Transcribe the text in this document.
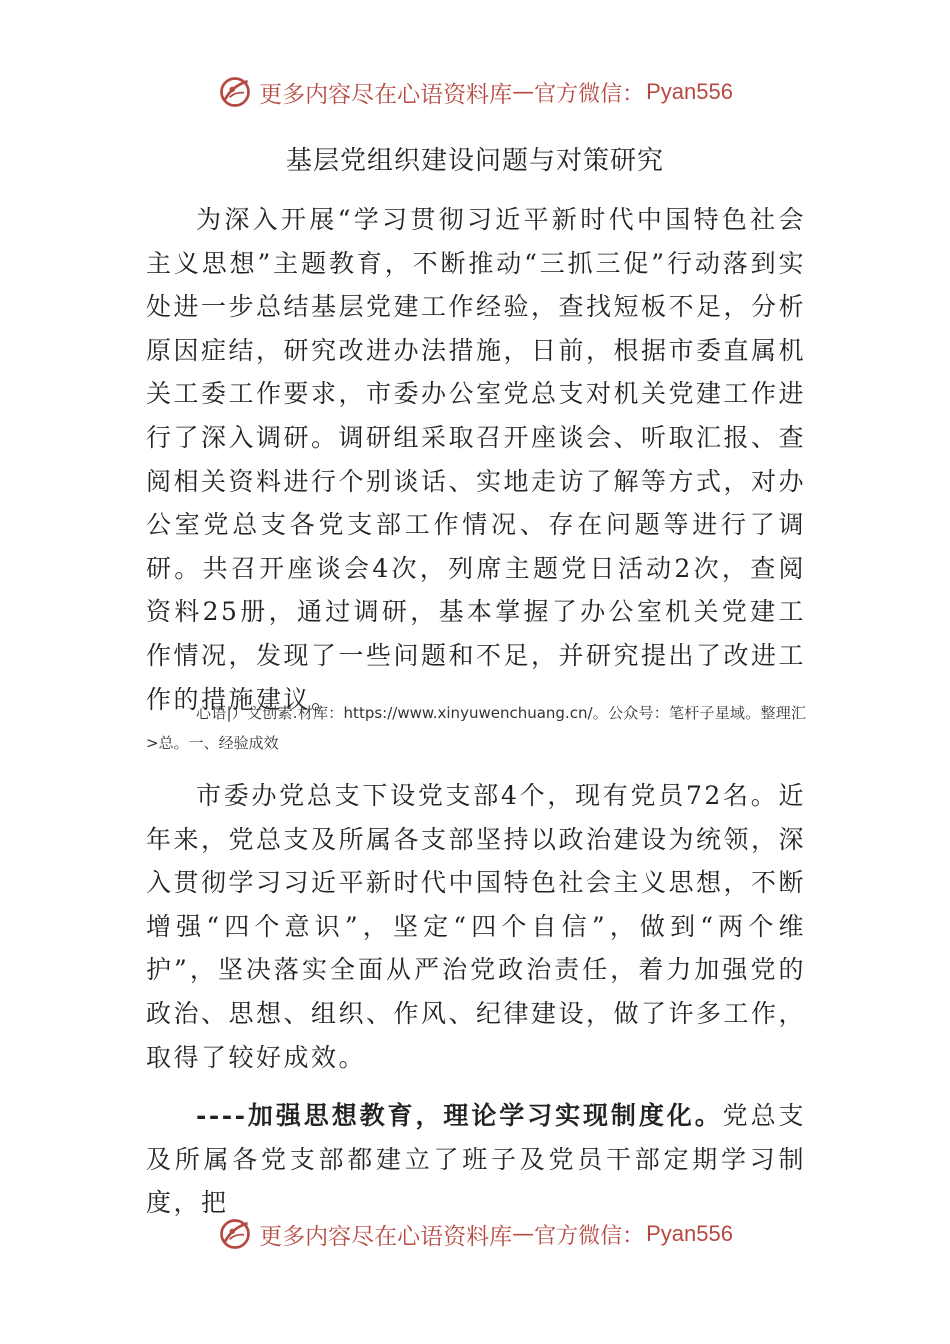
更多内容尽在心语资料库 — 官方微信： Pyan556
基层党组织建设问题与对策研究
为深入开展“学习贯彻习近平新时代中国特色社会主义思想”主题教育，不断推动“三抓三促”行动落到实处进一步总结基层党建工作经验，查找短板不足，分析原因症结，研究改进办法措施，日前，根据市委直属机关工委工作要求，市委办公室党总支对机关党建工作进行了深入调研。调研组采取召开座谈会、听取汇报、查阅相关资料进行个别谈话、实地走访了解等方式，对办公室党总支各党支部工作情况、存在问题等进行了调研。共召开座谈会4次，列席主题党日活动2次，查阅资料25册，通过调研，基本掌握了办公室机关党建工作情况，发现了一些问题和不足，并研究提出了改进工作的措施建议。
心语|）文创素.材库：https://www.xinyuwenchuang.cn/。公众号：笔杆子星域。整理汇>总。一、经验成效
市委办党总支下设党支部4个，现有党员72名。近年来，党总支及所属各支部坚持以政治建设为统领，深入贯彻学习习近平新时代中国特色社会主义思想，不断增强“四个意识”，坚定“四个自信”，做到“两个维护”，坚决落实全面从严治党政治责任，着力加强党的政治、思想、组织、作风、纪律建设，做了许多工作，取得了较好成效。
----加强思想教育，理论学习实现制度化。党总支及所属各党支部都建立了班子及党员干部定期学习制度，把
更多内容尽在心语资料库 — 官方微信： Pyan556
